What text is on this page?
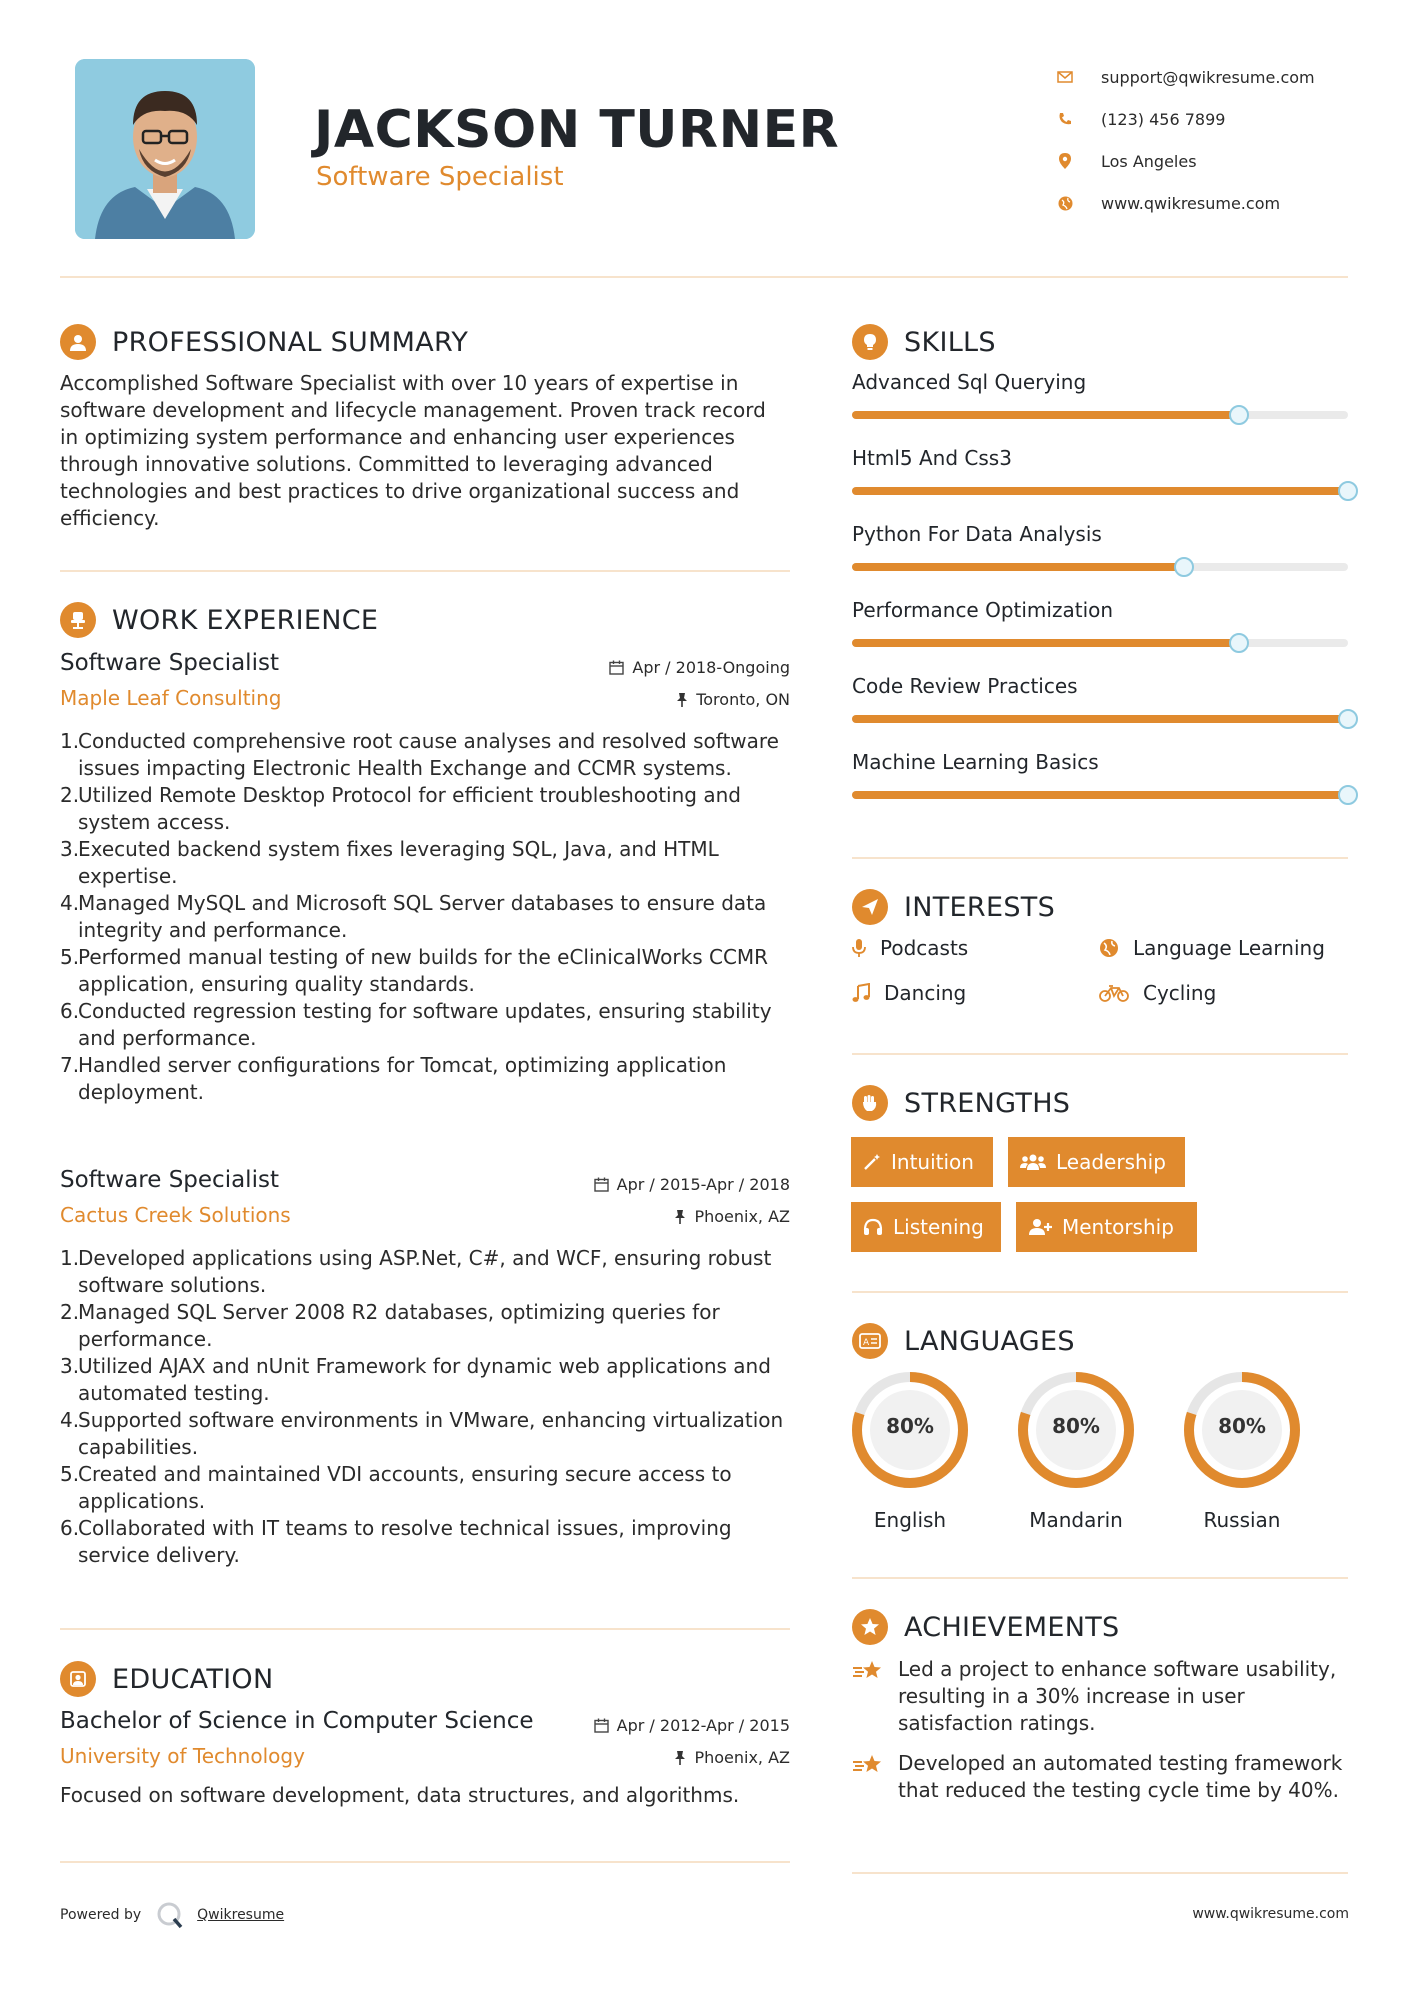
JACKSON TURNER
Software Specialist
support@qwikresume.com
(123) 456 7899
Los Angeles
www.qwikresume.com
PROFESSIONAL SUMMARY
Accomplished Software Specialist with over 10 years of expertise in software development and lifecycle management. Proven track record in optimizing system performance and enhancing user experiences through innovative solutions. Committed to leveraging advanced technologies and best practices to drive organizational success and efficiency.
WORK EXPERIENCE
Software Specialist	Apr / 2018-Ongoing
Maple Leaf Consulting	Toronto, ON
1.
Conducted comprehensive root cause analyses and resolved software issues impacting Electronic Health Exchange and CCMR systems.
2.
Utilized Remote Desktop Protocol for efficient troubleshooting and system access.
3.
Executed backend system fixes leveraging SQL, Java, and HTML expertise.
4.
Managed MySQL and Microsoft SQL Server databases to ensure data integrity and performance.
5.
Performed manual testing of new builds for the eClinicalWorks CCMR application, ensuring quality standards.
6.
Conducted regression testing for software updates, ensuring stability and performance.
7.
Handled server configurations for Tomcat, optimizing application deployment.
Software Specialist	Apr / 2015-Apr / 2018
Cactus Creek Solutions	Phoenix, AZ
1.
Developed applications using ASP.Net, C#, and WCF, ensuring robust software solutions.
2.
Managed SQL Server 2008 R2 databases, optimizing queries for performance.
3.
Utilized AJAX and nUnit Framework for dynamic web applications and automated testing.
4.
Supported software environments in VMware, enhancing virtualization capabilities.
5.
Created and maintained VDI accounts, ensuring secure access to applications.
6.
Collaborated with IT teams to resolve technical issues, improving service delivery.
EDUCATION
Bachelor of Science in Computer Science	Apr / 2012-Apr / 2015
University of Technology	Phoenix, AZ
Focused on software development, data structures, and algorithms.
SKILLS
Advanced Sql Querying
Html5 And Css3
Python For Data Analysis
Performance Optimization
Code Review Practices
Machine Learning Basics
INTERESTS
Podcasts	Language Learning
Dancing	Cycling
STRENGTHS
Intuition	Leadership
Listening	Mentorship
A LANGUAGES
80%
English
80%
Mandarin
80%
Russian
ACHIEVEMENTS
Led a project to enhance software usability, resulting in a 30% increase in user satisfaction ratings.
Developed an automated testing framework that reduced the testing cycle time by 40%.
Powered by	Qwikresume	www.qwikresume.com
